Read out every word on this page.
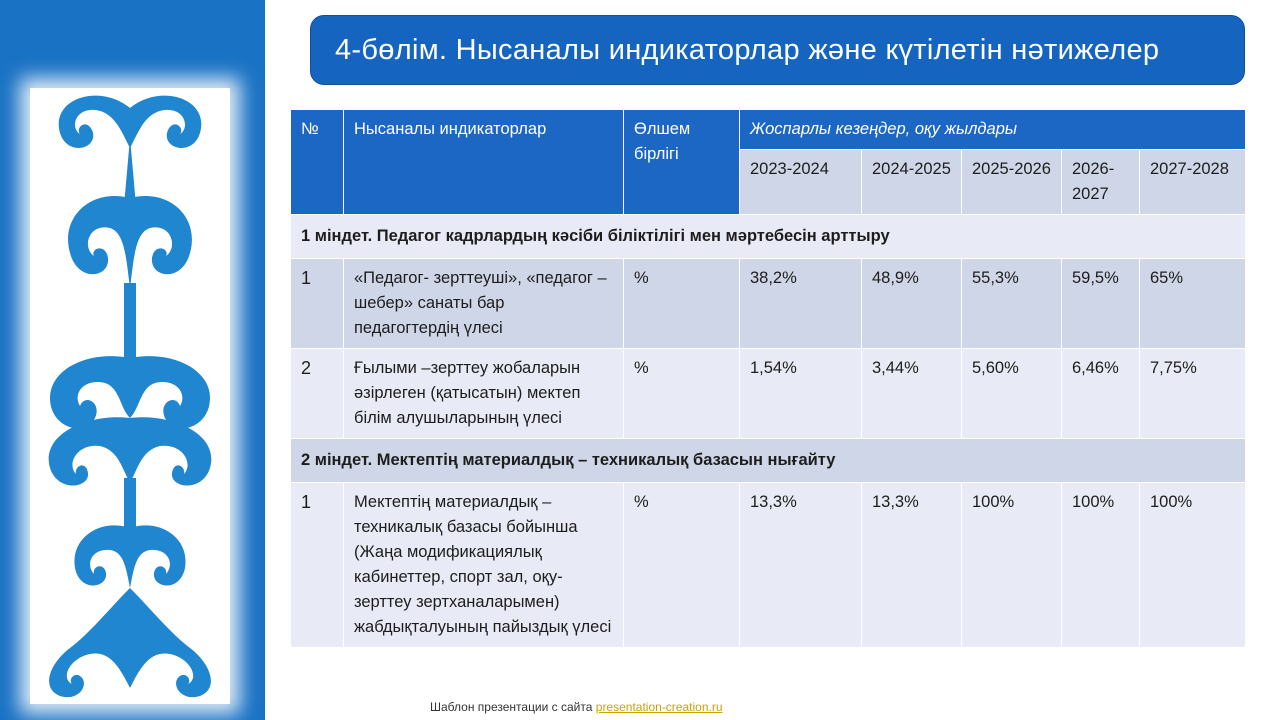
4-бөлім. Нысаналы индикаторлар және күтілетін нәтижелер
№	Нысаналы индикаторлар	Өлшем бірлігі	Жоспарлы кезеңдер, оқу жылдары				
			2023-2024	2024-2025	2025-2026	2026-2027	2027-2028
1 міндет. Педагог кадрлардың кәсіби біліктілігі мен мәртебесін арттыру							
1	«Педагог- зерттеуші», «педагог – шебер» санаты бар педагогтердің үлесі	%	38,2%	48,9%	55,3%	59,5%	65%
2	Ғылыми –зерттеу жобаларын әзірлеген (қатысатын) мектеп білім алушыларының үлесі	%	1,54%	3,44%	5,60%	6,46%	7,75%
2 міндет. Мектептің материалдық – техникалық базасын нығайту							
1	Мектептің материалдық – техникалық базасы бойынша (Жаңа модификациялық кабинеттер, спорт зал, оқу-зерттеу зертханаларымен) жабдықталуының пайыздық үлесі	%	13,3%	13,3%	100%	100%	100%
Шаблон презентации с сайта presentation-creation.ru
